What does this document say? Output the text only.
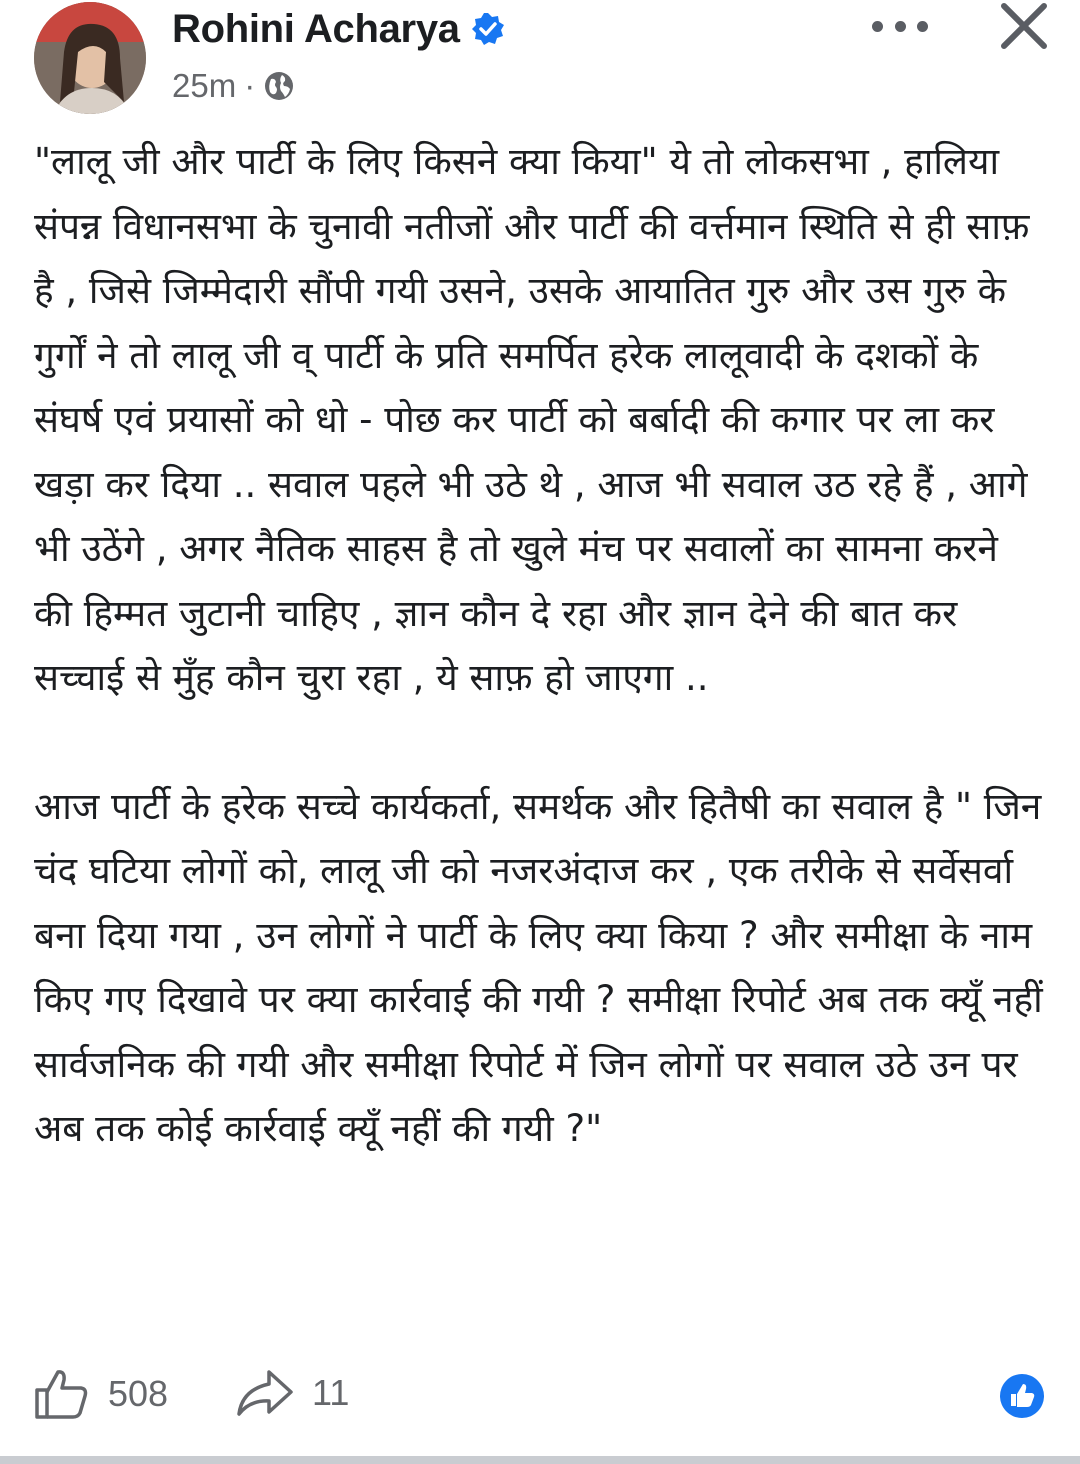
Rohini Acharya
25m ·

"लालू जी और पार्टी के लिए किसने क्या किया" ये तो लोकसभा , हालिया संपन्न विधानसभा के चुनावी नतीजों और पार्टी की वर्त्तमान स्थिति से ही साफ़ है , जिसे जिम्मेदारी सौंपी गयी उसने, उसके आयातित गुरु और उस गुरु के गुर्गों ने तो लालू जी व् पार्टी के प्रति समर्पित हरेक लालूवादी के दशकों के संघर्ष एवं प्रयासों को धो - पोछ कर पार्टी को बर्बादी की कगार पर ला कर खड़ा कर दिया .. सवाल पहले भी उठे थे , आज भी सवाल उठ रहे हैं , आगे भी उठेंगे , अगर नैतिक साहस है तो खुले मंच पर सवालों का सामना करने की हिम्मत जुटानी चाहिए , ज्ञान कौन दे रहा और ज्ञान देने की बात कर सच्चाई से मुँह कौन चुरा रहा , ये साफ़ हो जाएगा ..

आज पार्टी के हरेक सच्चे कार्यकर्ता, समर्थक और हितैषी का सवाल है " जिन चंद घटिया लोगों को, लालू जी को नजरअंदाज कर , एक तरीके से सर्वेसर्वा बना दिया गया , उन लोगों ने पार्टी के लिए क्या किया ? और समीक्षा के नाम किए गए दिखावे पर क्या कार्रवाई की गयी ? समीक्षा रिपोर्ट अब तक क्यूँ नहीं सार्वजनिक की गयी और समीक्षा रिपोर्ट में जिन लोगों पर सवाल उठे उन पर अब तक कोई कार्रवाई क्यूँ नहीं की गयी ?"

508	11
